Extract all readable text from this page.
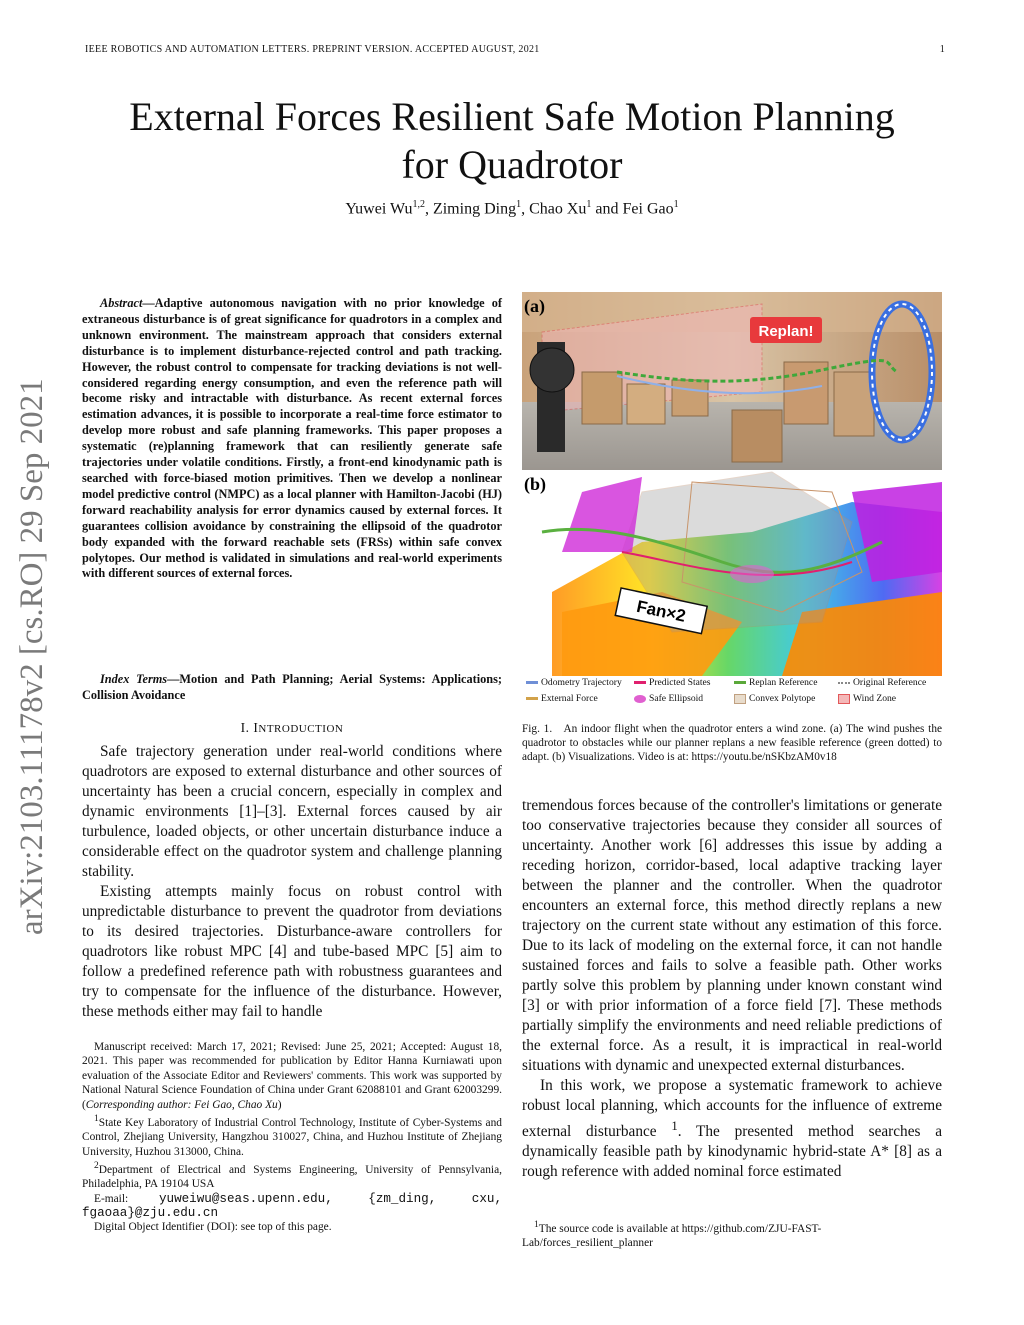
IEEE ROBOTICS AND AUTOMATION LETTERS. PREPRINT VERSION. ACCEPTED AUGUST, 2021	1
arXiv:2103.11178v2 [cs.RO] 29 Sep 2021
External Forces Resilient Safe Motion Planning
for Quadrotor
Yuwei Wu$^{1,2}$, Ziming Ding$^1$, Chao Xu$^1$ and Fei Gao$^1$
Abstract—Adaptive autonomous navigation with no prior knowledge of extraneous disturbance is of great significance for quadrotors in a complex and unknown environment. The mainstream approach that considers external disturbance is to implement disturbance-rejected control and path tracking. However, the robust control to compensate for tracking deviations is not well-considered regarding energy consumption, and even the reference path will become risky and intractable with disturbance. As recent external forces estimation advances, it is possible to incorporate a real-time force estimator to develop more robust and safe planning frameworks. This paper proposes a systematic (re)planning framework that can resiliently generate safe trajectories under volatile conditions. Firstly, a front-end kinodynamic path is searched with force-biased motion primitives. Then we develop a nonlinear model predictive control (NMPC) as a local planner with Hamilton-Jacobi (HJ) forward reachability analysis for error dynamics caused by external forces. It guarantees collision avoidance by constraining the ellipsoid of the quadrotor body expanded with the forward reachable sets (FRSs) within safe convex polytopes. Our method is validated in simulations and real-world experiments with different sources of external forces.
Index Terms—Motion and Path Planning; Aerial Systems: Applications; Collision Avoidance
I. INTRODUCTION

Safe trajectory generation under real-world conditions where quadrotors are exposed to external disturbance and other sources of uncertainty has been a crucial concern, especially in complex and dynamic environments [1]–[3]. External forces caused by air turbulence, loaded objects, or other uncertain disturbance induce a considerable effect on the quadrotor system and challenge planning stability.

Existing attempts mainly focus on robust control with unpredictable disturbance to prevent the quadrotor from deviations to its desired trajectories. Disturbance-aware controllers for quadrotors like robust MPC [4] and tube-based MPC [5] aim to follow a predefined reference path with robustness guarantees and try to compensate for the influence of the disturbance. However, these methods either may fail to handle

Manuscript received: March 17, 2021; Revised: June 25, 2021; Accepted: August 18, 2021. This paper was recommended for publication by Editor Hanna Kurniawati upon evaluation of the Associate Editor and Reviewers' comments. This work was supported by National Natural Science Foundation of China under Grant 62088101 and Grant 62003299. (Corresponding author: Fei Gao, Chao Xu)

$^1$State Key Laboratory of Industrial Control Technology, Institute of Cyber-Systems and Control, Zhejiang University, Hangzhou 310027, China, and Huzhou Institute of Zhejiang University, Huzhou 313000, China.

$^2$Department of Electrical and Systems Engineering, University of Pennsylvania, Philadelphia, PA 19104 USA

E-mail: yuweiwu@seas.upenn.edu, {zm_ding, cxu, fgaoaa}@zju.edu.cn

Digital Object Identifier (DOI): see top of this page.

Replan!
(a)
Fan×2
(b)
Odometry Trajectory	Predicted States	Replan Reference	Original Reference
External Force	Safe Ellipsoid	Convex Polytope	Wind Zone
Fig. 1. An indoor flight when the quadrotor enters a wind zone. (a) The wind pushes the quadrotor to obstacles while our planner replans a new feasible reference (green dotted) to adapt. (b) Visualizations. Video is at: https://youtu.be/nSKbzAM0v18

tremendous forces because of the controller's limitations or generate too conservative trajectories because they consider all sources of uncertainty. Another work [6] addresses this issue by adding a receding horizon, corridor-based, local adaptive tracking layer between the planner and the controller. When the quadrotor encounters an external force, this method directly replans a new trajectory on the current state without any estimation of this force. Due to its lack of modeling on the external force, it can not handle sustained forces and fails to solve a feasible path. Other works partly solve this problem by planning under known constant wind [3] or with prior information of a force field [7]. These methods partially simplify the environments and need reliable predictions of the external force. As a result, it is impractical in real-world situations with dynamic and unexpected external disturbances.

In this work, we propose a systematic framework to achieve robust local planning, which accounts for the influence of extreme external disturbance $^1$. The presented method searches a dynamically feasible path by kinodynamic hybrid-state A* [8] as a rough reference with added nominal force estimated

$^1$The source code is available at https://github.com/ZJU-FAST-Lab/forces_resilient_planner
